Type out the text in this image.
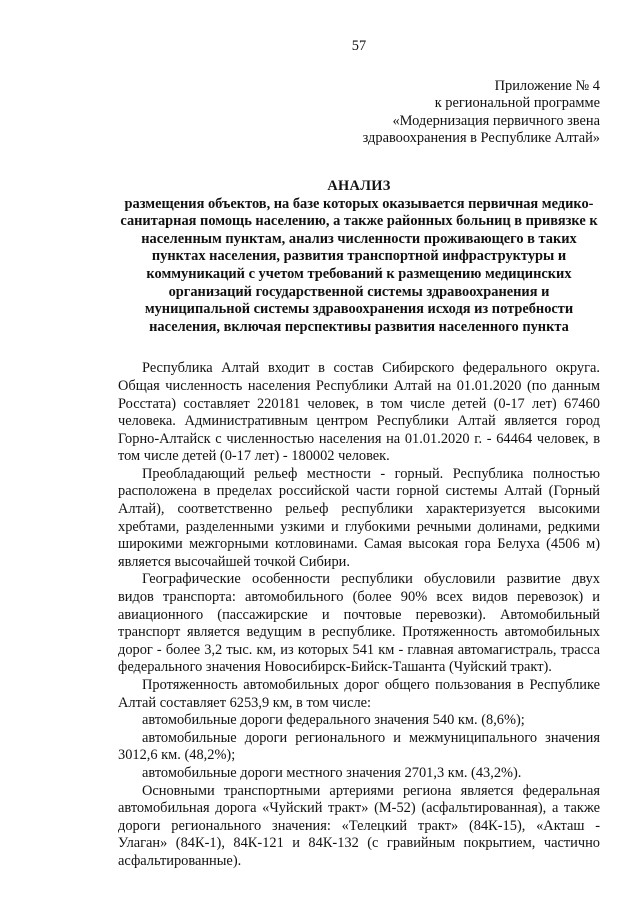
57
Приложение № 4
к региональной программе
«Модернизация первичного звена
здравоохранения в Республике Алтай»
АНАЛИЗ
размещения объектов, на базе которых оказывается первичная медико-санитарная помощь населению, а также районных больниц в привязке к населенным пунктам, анализ численности проживающего в таких пунктах населения, развития транспортной инфраструктуры и коммуникаций с учетом требований к размещению медицинских организаций государственной системы здравоохранения и муниципальной системы здравоохранения исходя из потребности населения, включая перспективы развития населенного пункта

Республика Алтай входит в состав Сибирского федерального округа. Общая численность населения Республики Алтай на 01.01.2020 (по данным Росстата) составляет 220181 человек, в том числе детей (0-17 лет) 67460 человека. Административным центром Республики Алтай является город Горно-Алтайск с численностью населения на 01.01.2020 г. - 64464 человек, в том числе детей (0-17 лет) - 180002 человек.

Преобладающий рельеф местности - горный. Республика полностью расположена в пределах российской части горной системы Алтай (Горный Алтай), соответственно рельеф республики характеризуется высокими хребтами, разделенными узкими и глубокими речными долинами, редкими широкими межгорными котловинами. Самая высокая гора Белуха (4506 м) является высочайшей точкой Сибири.

Географические особенности республики обусловили развитие двух видов транспорта: автомобильного (более 90% всех видов перевозок) и авиационного (пассажирские и почтовые перевозки). Автомобильный транспорт является ведущим в республике. Протяженность автомобильных дорог - более 3,2 тыс. км, из которых 541 км - главная автомагистраль, трасса федерального значения Новосибирск-Бийск-Ташанта (Чуйский тракт).

Протяженность автомобильных дорог общего пользования в Республике Алтай составляет 6253,9 км, в том числе:

автомобильные дороги федерального значения 540 км. (8,6%);

автомобильные дороги регионального и межмуниципального значения 3012,6 км. (48,2%);

автомобильные дороги местного значения 2701,3 км. (43,2%).

Основными транспортными артериями региона является федеральная автомобильная дорога «Чуйский тракт» (М-52) (асфальтированная), а также дороги регионального значения: «Телецкий тракт» (84К-15), «Акташ - Улаган» (84К-1), 84К-121 и 84К-132 (с гравийным покрытием, частично асфальтированные).
